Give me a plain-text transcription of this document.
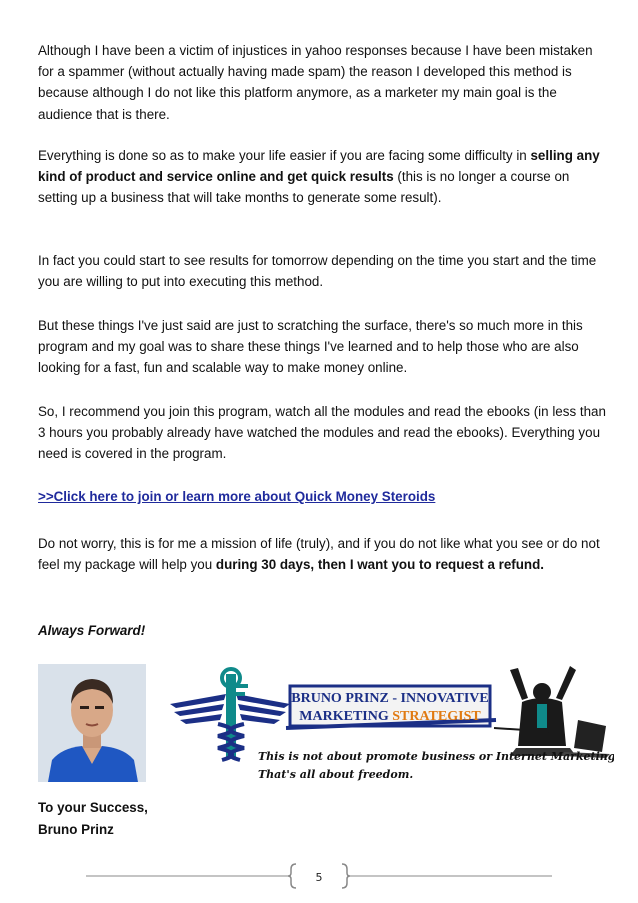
Although I have been a victim of injustices in yahoo responses because I have been mistaken for a spammer (without actually having made spam) the reason I developed this method is because although I do not like this platform anymore, as a marketer my main goal is the audience that is there.

Everything is done so as to make your life easier if you are facing some difficulty in selling any kind of product and service online and get quick results (this is no longer a course on setting up a business that will take months to generate some result).

In fact you could start to see results for tomorrow depending on the time you start and the time you are willing to put into executing this method.

But these things I've just said are just to scratching the surface, there's so much more in this program and my goal was to share these things I've learned and to help those who are also looking for a fast, fun and scalable way to make money online.

So, I recommend you join this program, watch all the modules and read the ebooks (in less than 3 hours you probably already have watched the modules and read the ebooks). Everything you need is covered in the program.

>>Click here to join or learn more about Quick Money Steroids

Do not worry, this is for me a mission of life (truly), and if you do not like what you see or do not feel my package will help you during 30 days, then I want you to request a refund.

Always Forward!

BRUNO PRINZ - INNOVATIVE
MARKETING STRATEGIST
This is not about promote business or Internet Marketing.
That's all about freedom.

To your Success,

Bruno Prinz

5
